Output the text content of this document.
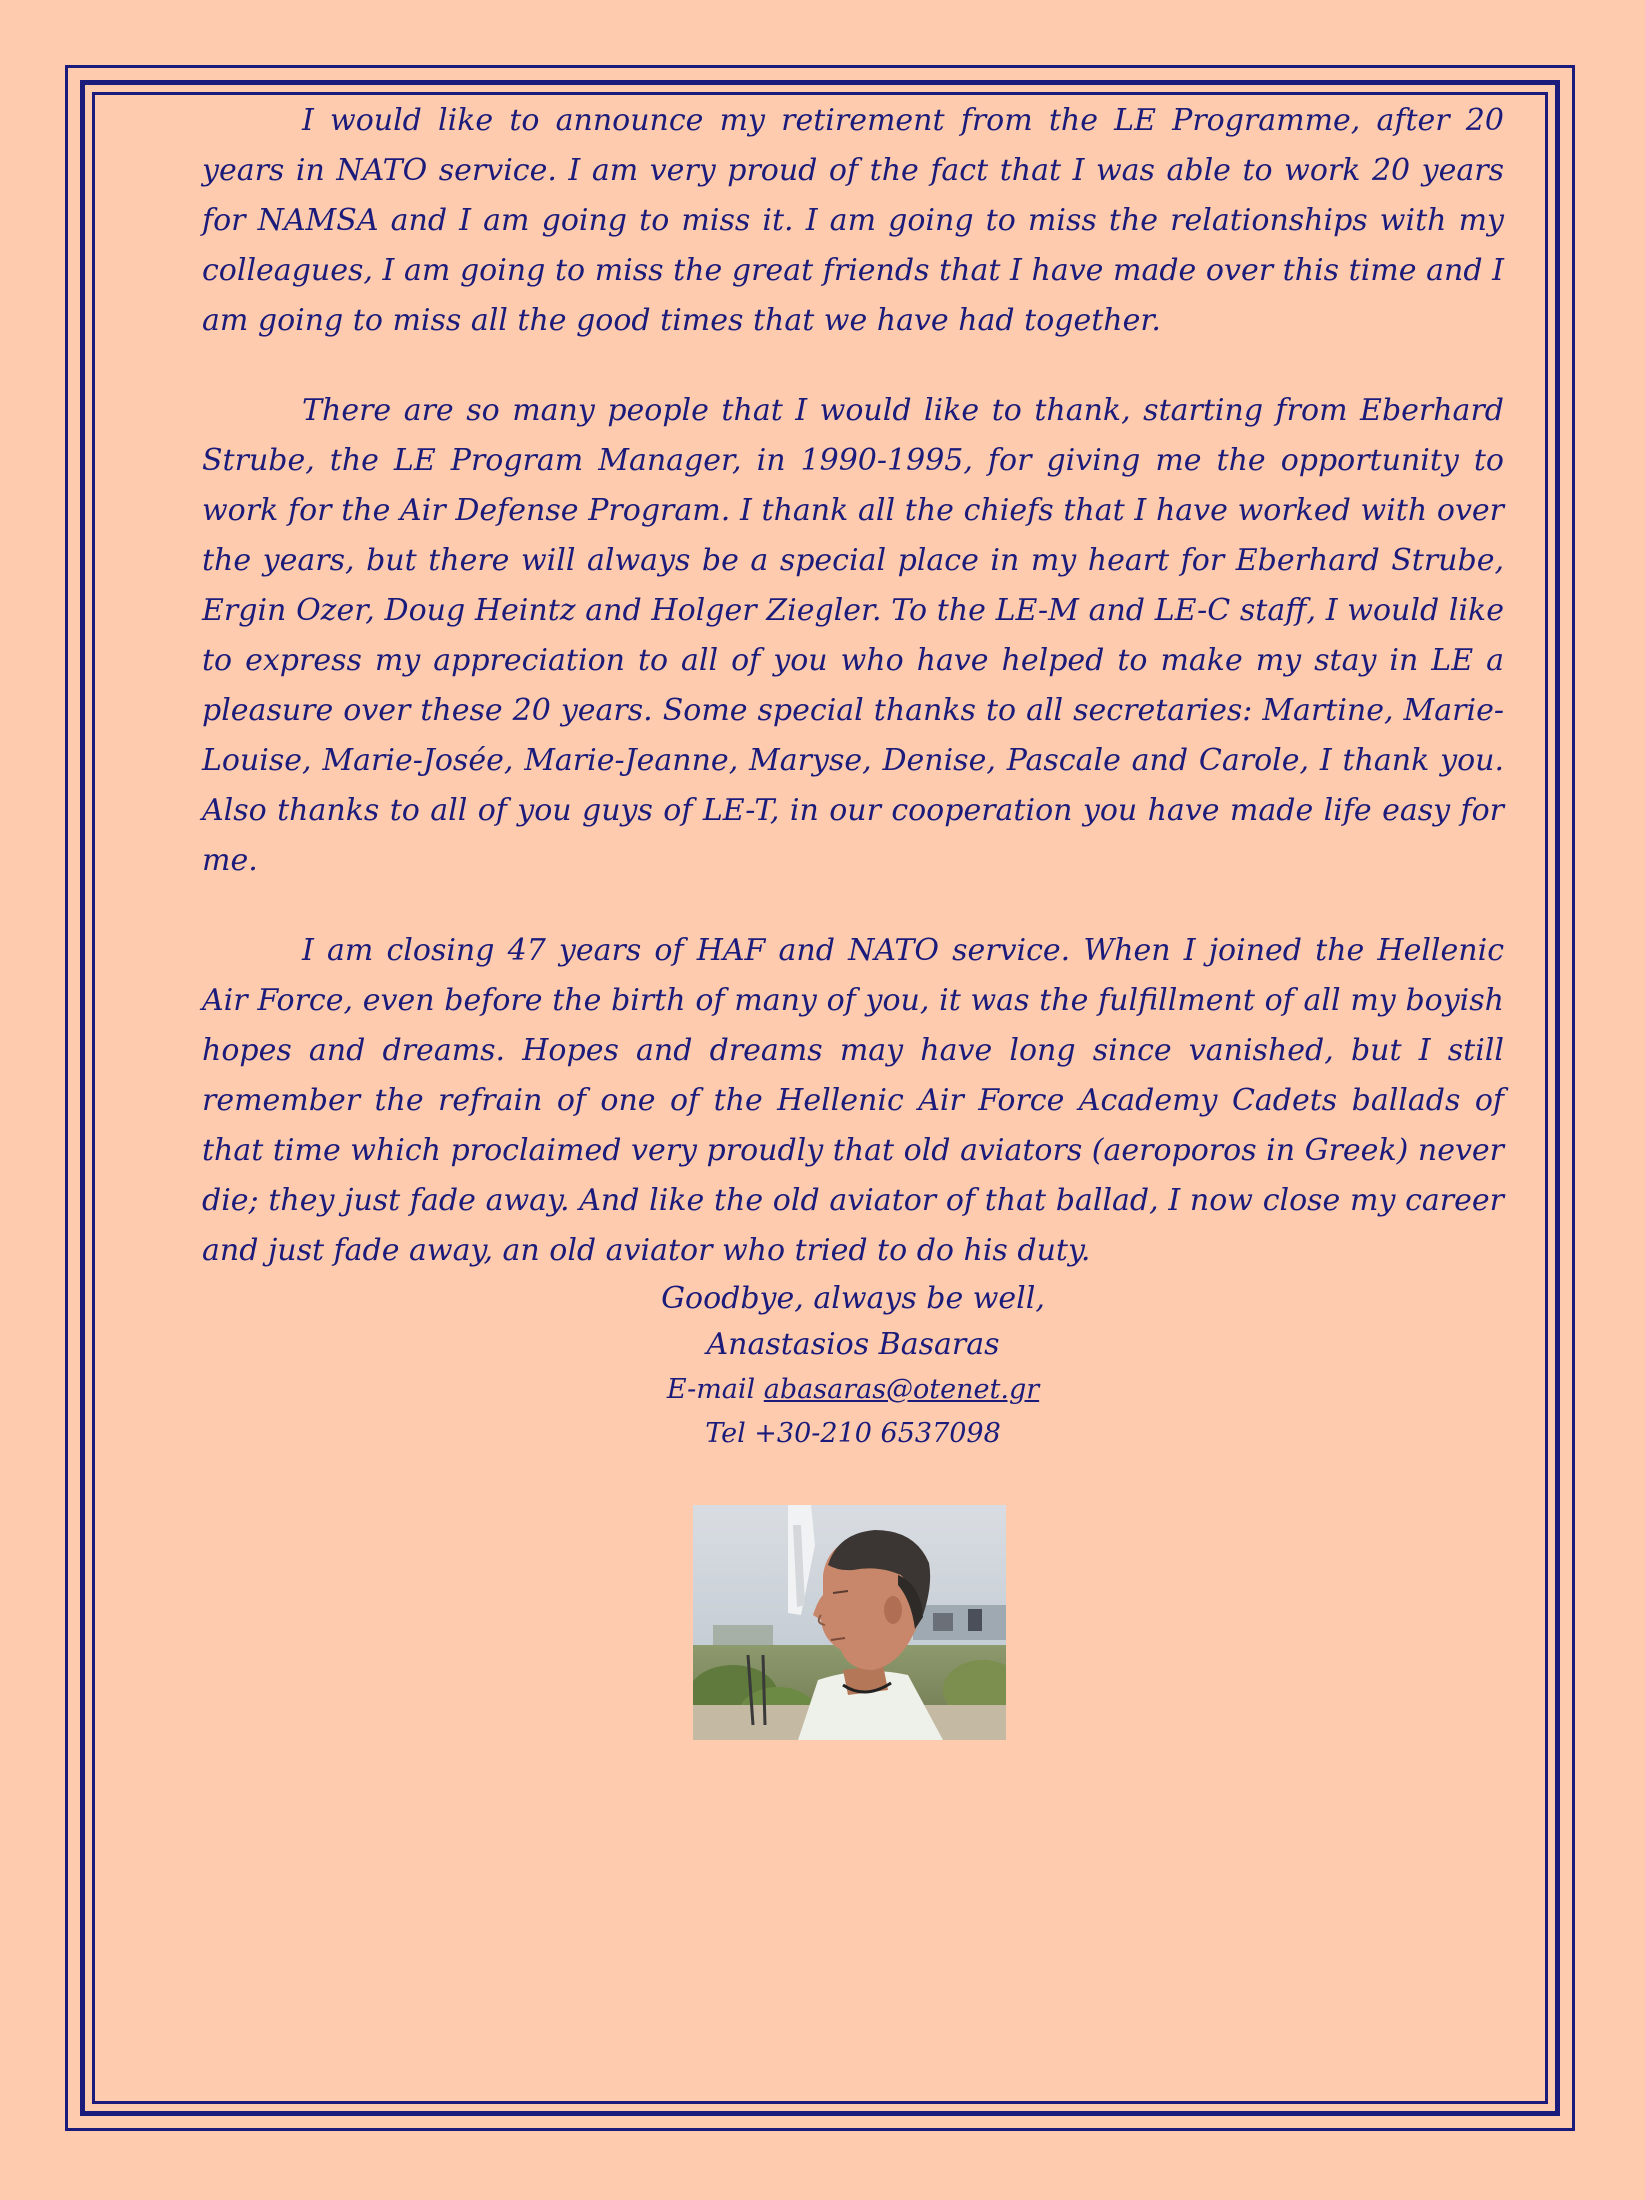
I would like to announce my retirement from the LE Programme, after 20 years in NATO service. I am very proud of the fact that I was able to work 20 years for NAMSA and I am going to miss it. I am going to miss the relationships with my colleagues, I am going to miss the great friends that I have made over this time and I am going to miss all the good times that we have had together.

There are so many people that I would like to thank, starting from Eberhard Strube, the LE Program Manager, in 1990-1995, for giving me the opportunity to work for the Air Defense Program. I thank all the chiefs that I have worked with over the years, but there will always be a special place in my heart for Eberhard Strube, Ergin Ozer, Doug Heintz and Holger Ziegler. To the LE-M and LE-C staff, I would like to express my appreciation to all of you who have helped to make my stay in LE a pleasure over these 20 years. Some special thanks to all secretaries: Martine, Marie-Louise, Marie-Josée, Marie-Jeanne, Maryse, Denise, Pascale and Carole, I thank you. Also thanks to all of you guys of LE-T, in our cooperation you have made life easy for me.

I am closing 47 years of HAF and NATO service. When I joined the Hellenic Air Force, even before the birth of many of you, it was the fulfillment of all my boyish hopes and dreams. Hopes and dreams may have long since vanished, but I still remember the refrain of one of the Hellenic Air Force Academy Cadets ballads of that time which proclaimed very proudly that old aviators (aeroporos in Greek) never die; they just fade away. And like the old aviator of that ballad, I now close my career and just fade away, an old aviator who tried to do his duty.

Goodbye, always be well,
Anastasios Basaras
E-mail abasaras@otenet.gr
Tel +30-210 6537098
